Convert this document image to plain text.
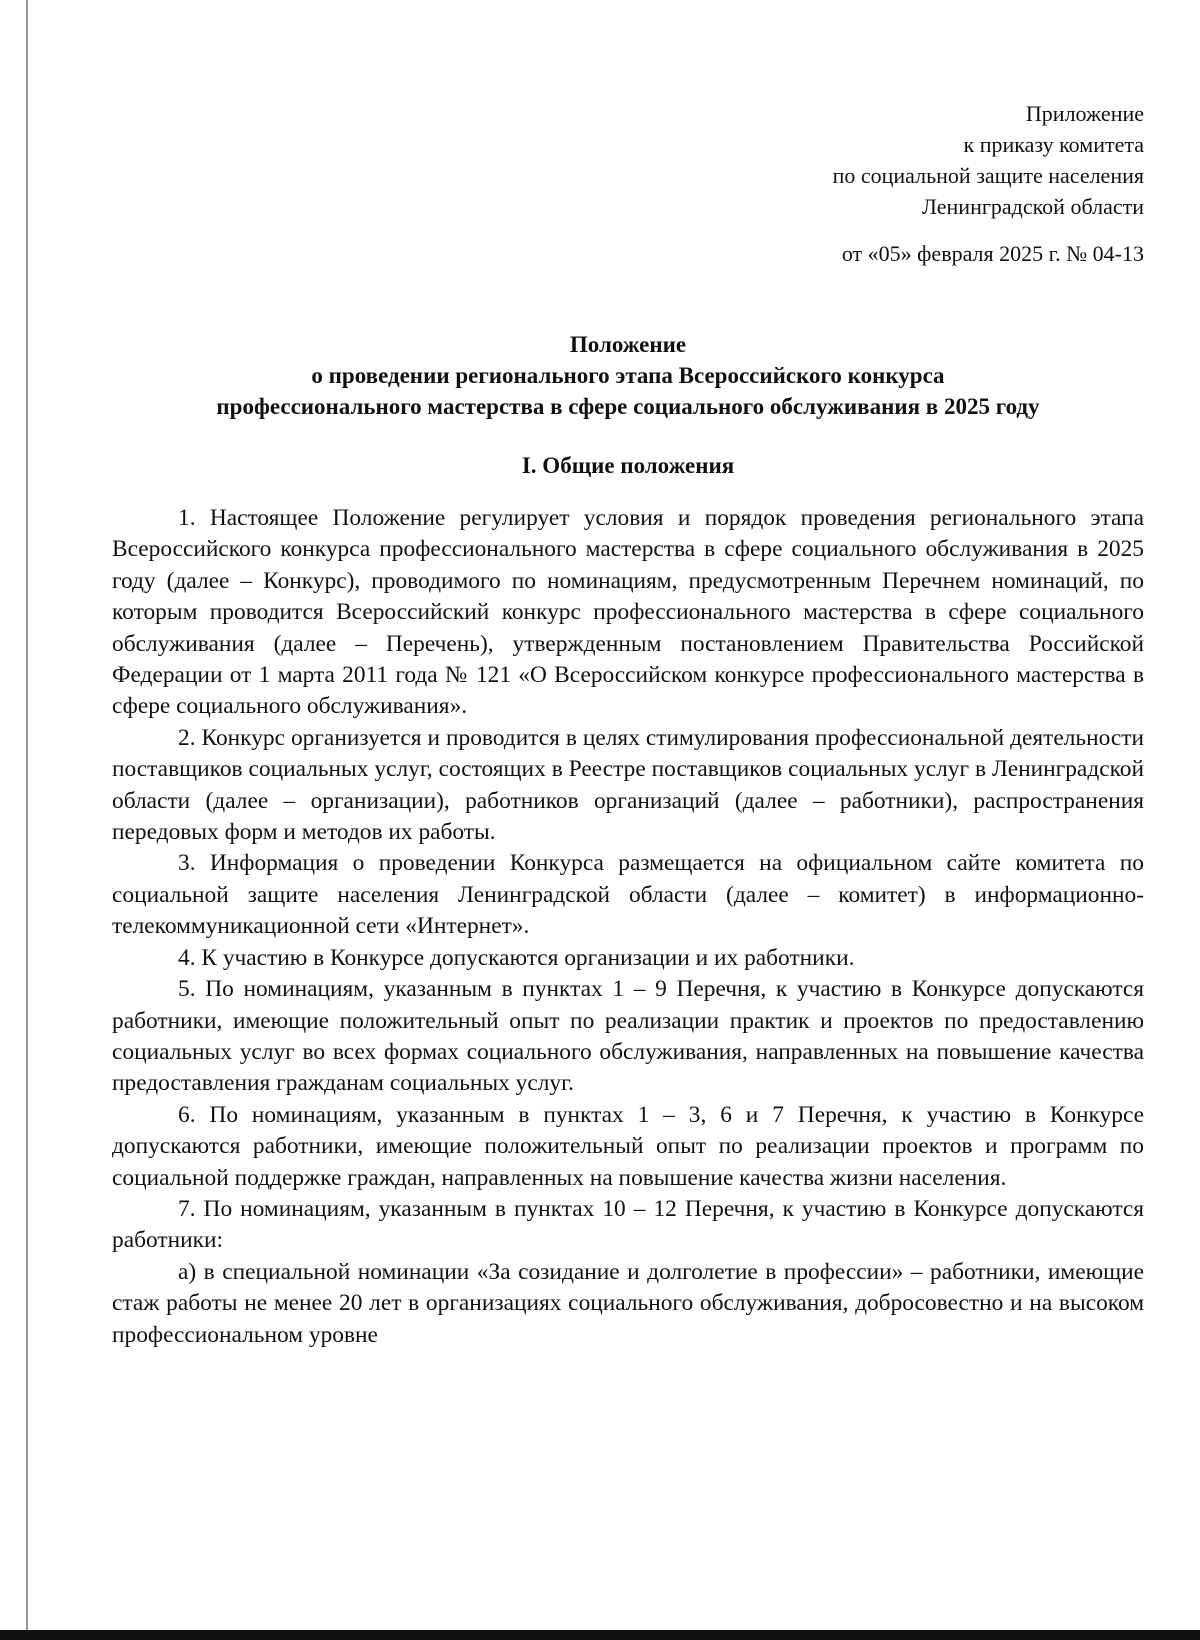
Приложение
к приказу комитета
по социальной защите населения
Ленинградской области
от «05» февраля 2025 г. № 04-13
Положение
о проведении регионального этапа Всероссийского конкурса
профессионального мастерства в сфере социального обслуживания в 2025 году
I. Общие положения

1. Настоящее Положение регулирует условия и порядок проведения регионального этапа Всероссийского конкурса профессионального мастерства в сфере социального обслуживания в 2025 году (далее – Конкурс), проводимого по номинациям, предусмотренным Перечнем номинаций, по которым проводится Всероссийский конкурс профессионального мастерства в сфере социального обслуживания (далее – Перечень), утвержденным постановлением Правительства Российской Федерации от 1 марта 2011 года № 121 «О Всероссийском конкурсе профессионального мастерства в сфере социального обслуживания».

2. Конкурс организуется и проводится в целях стимулирования профессиональной деятельности поставщиков социальных услуг, состоящих в Реестре поставщиков социальных услуг в Ленинградской области (далее – организации), работников организаций (далее – работники), распространения передовых форм и методов их работы.

3. Информация о проведении Конкурса размещается на официальном сайте комитета по социальной защите населения Ленинградской области (далее – комитет) в информационно-телекоммуникационной сети «Интернет».

4. К участию в Конкурсе допускаются организации и их работники.

5. По номинациям, указанным в пунктах 1 – 9 Перечня, к участию в Конкурсе допускаются работники, имеющие положительный опыт по реализации практик и проектов по предоставлению социальных услуг во всех формах социального обслуживания, направленных на повышение качества предоставления гражданам социальных услуг.

6. По номинациям, указанным в пунктах 1 – 3, 6 и 7 Перечня, к участию в Конкурсе допускаются работники, имеющие положительный опыт по реализации проектов и программ по социальной поддержке граждан, направленных на повышение качества жизни населения.

7. По номинациям, указанным в пунктах 10 – 12 Перечня, к участию в Конкурсе допускаются работники:

а) в специальной номинации «За созидание и долголетие в профессии» – работники, имеющие стаж работы не менее 20 лет в организациях социального обслуживания, добросовестно и на высоком профессиональном уровне
